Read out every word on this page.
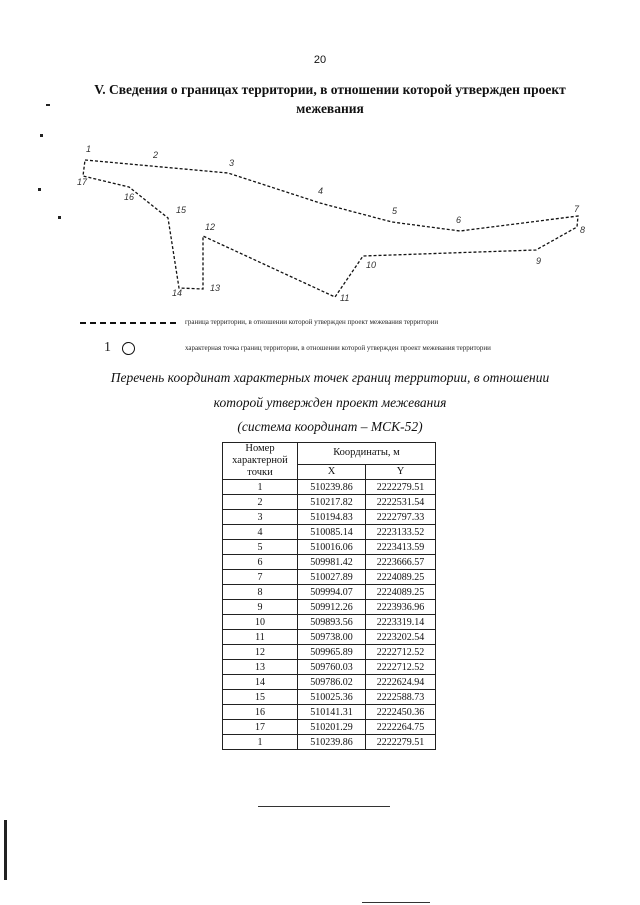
20
V. Сведения о границах территории, в отношении которой утвержден проект
межевания
1
2
3
4
5
6
7
8
9
10
11
12
13
14
15
16
17
граница территории, в отношении которой утвержден проект межевания территории
1	характерная точка границ территории, в отношении которой утвержден проект межевания территории
Перечень координат характерных точек границ территории, в отношении
которой утвержден проект межевания
(система координат – МСК-52)
Номер характерной точки	Координаты, м	
	X	Y
1	510239.86	2222279.51
2	510217.82	2222531.54
3	510194.83	2222797.33
4	510085.14	2223133.52
5	510016.06	2223413.59
6	509981.42	2223666.57
7	510027.89	2224089.25
8	509994.07	2224089.25
9	509912.26	2223936.96
10	509893.56	2223319.14
11	509738.00	2223202.54
12	509965.89	2222712.52
13	509760.03	2222712.52
14	509786.02	2222624.94
15	510025.36	2222588.73
16	510141.31	2222450.36
17	510201.29	2222264.75
1	510239.86	2222279.51
